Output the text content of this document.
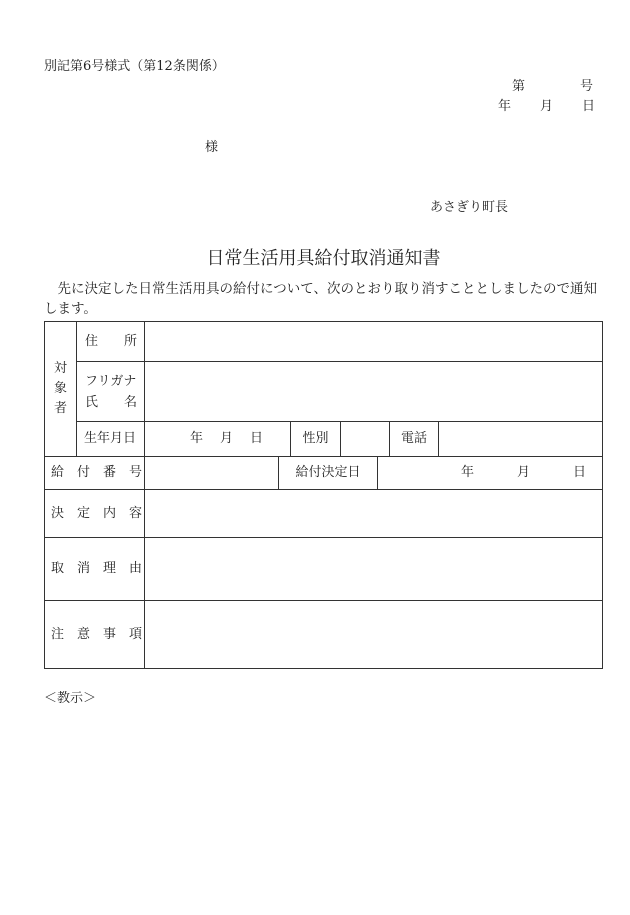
別記第6号様式（第12条関係）
第　　　　号
年　　月　　日
様
あさぎり町長
日常生活用具給付取消通知書
先に決定した日常生活用具の給付について、次のとおり取り消すこととしましたので通知します。
対象者
住　　所
フリガナ
氏　　名
生年月日	年　月　日	性別	電話
給　付　番　号	給付決定日	年　　　月　　　日
決　定　内　容
取　消　理　由
注　意　事　項
＜教示＞
